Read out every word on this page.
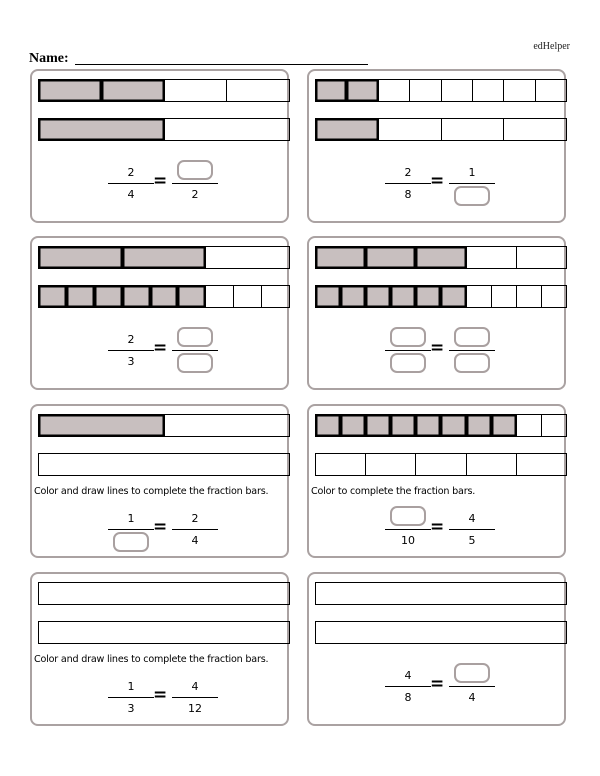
edHelper
Name:
2
4
=
2
2
8
=	1
2
3
=	=
Color and draw lines to complete the fraction bars.
1	=	2
4
Color to complete the fraction bars.
10
=	4
5
Color and draw lines to complete the fraction bars.
1
3
=	4
12
4
8
=
4
